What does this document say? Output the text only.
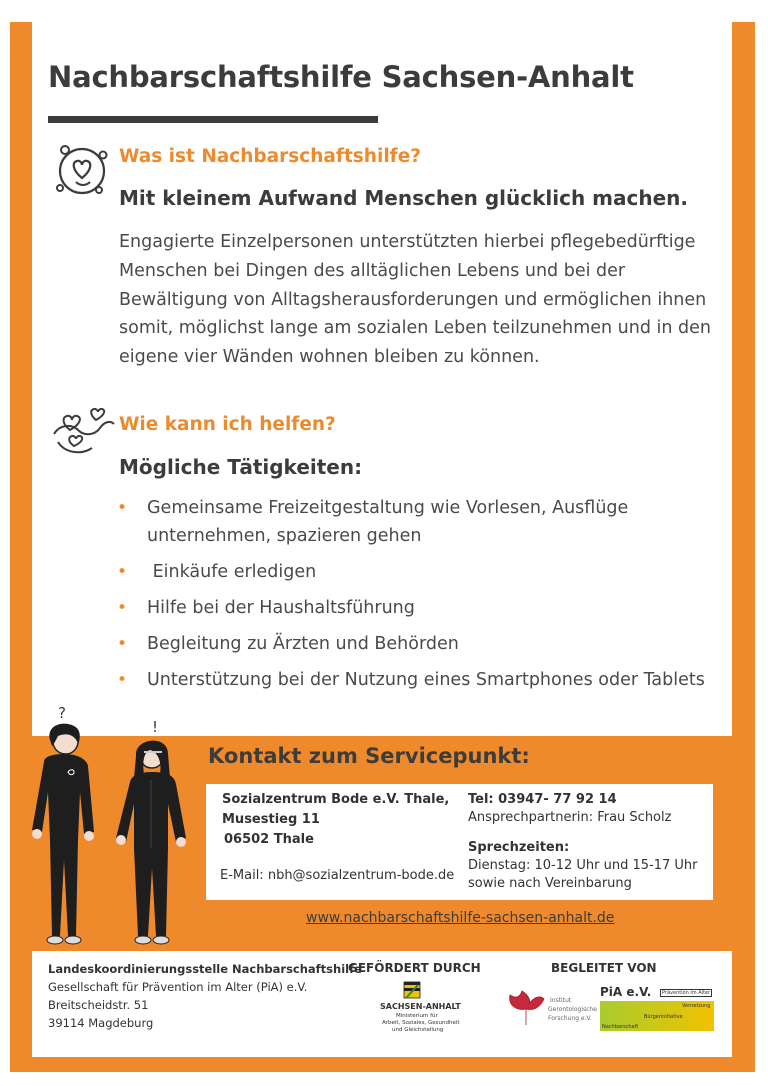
Nachbarschaftshilfe Sachsen-Anhalt
Was ist Nachbarschaftshilfe?
Mit kleinem Aufwand Menschen glücklich machen.
Engagierte Einzelpersonen unterstützten hierbei pflegebedürftige
Menschen bei Dingen des alltäglichen Lebens und bei der
Bewältigung von Alltagsherausforderungen und ermöglichen ihnen
somit, möglichst lange am sozialen Leben teilzunehmen und in den
eigene vier Wänden wohnen bleiben zu können.
Wie kann ich helfen?
Mögliche Tätigkeiten:
• Gemeinsame Freizeitgestaltung wie Vorlesen, Ausflüge
unternehmen, spazieren gehen
• Einkäufe erledigen
• Hilfe bei der Haushaltsführung
• Begleitung zu Ärzten und Behörden
• Unterstützung bei der Nutzung eines Smartphones oder Tablets
?
!
Kontakt zum Servicepunkt:
Sozialzentrum Bode e.V. Thale,
Musestieg 11
06502 Thale
E-Mail: nbh@sozialzentrum-bode.de
Tel: 03947- 77 92 14
Ansprechpartnerin: Frau Scholz
Sprechzeiten:
Dienstag: 10-12 Uhr und 15-17 Uhr
sowie nach Vereinbarung
www.nachbarschaftshilfe-sachsen-anhalt.de
Landeskoordinierungsstelle Nachbarschaftshilfe
Gesellschaft für Prävention im Alter (PiA) e.V.
Breitscheidstr. 51
39114 Magdeburg
GEFÖRDERT DURCH
SACHSEN-ANHALT
Ministerium für
Arbeit, Soziales, Gesundheit
und Gleichstellung
BEGLEITET VON
Institut
Gerontologische
Forschung e.V.
PiA e.V.	Prävention im Alter
Vernetzung
Bürgerinitiative
Nachbarschaft
